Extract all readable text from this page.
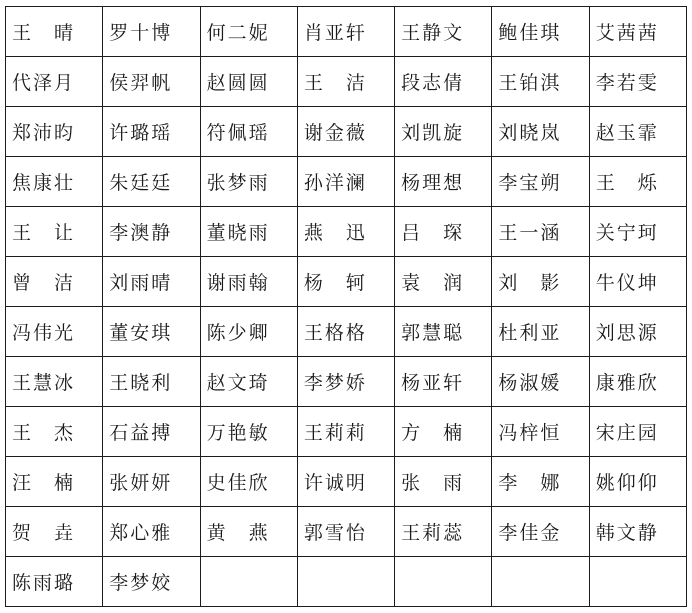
王　晴	罗十博	何二妮	肖亚轩	王静文	鲍佳琪	艾茜茜
代泽月	侯羿帆	赵圆圆	王　洁	段志倩	王铂淇	李若雯
郑沛昀	许璐瑶	符佩瑶	谢金薇	刘凯旋	刘晓岚	赵玉霏
焦康壮	朱廷廷	张梦雨	孙洋澜	杨理想	李宝朔	王　烁
王　让	李澳静	董晓雨	燕　迅	吕　琛	王一涵	关宁珂
曾　洁	刘雨晴	谢雨翰	杨　轲	袁　润	刘　影	牛仪坤
冯伟光	董安琪	陈少卿	王格格	郭慧聪	杜利亚	刘思源
王慧冰	王晓利	赵文琦	李梦娇	杨亚轩	杨淑媛	康雅欣
王　杰	石益搏	万艳敏	王莉莉	方　楠	冯梓恒	宋庄园
汪　楠	张妍妍	史佳欣	许诚明	张　雨	李　娜	姚仰仰
贺　垚	郑心雅	黄　燕	郭雪怡	王莉蕊	李佳金	韩文静
陈雨璐	李梦姣					
